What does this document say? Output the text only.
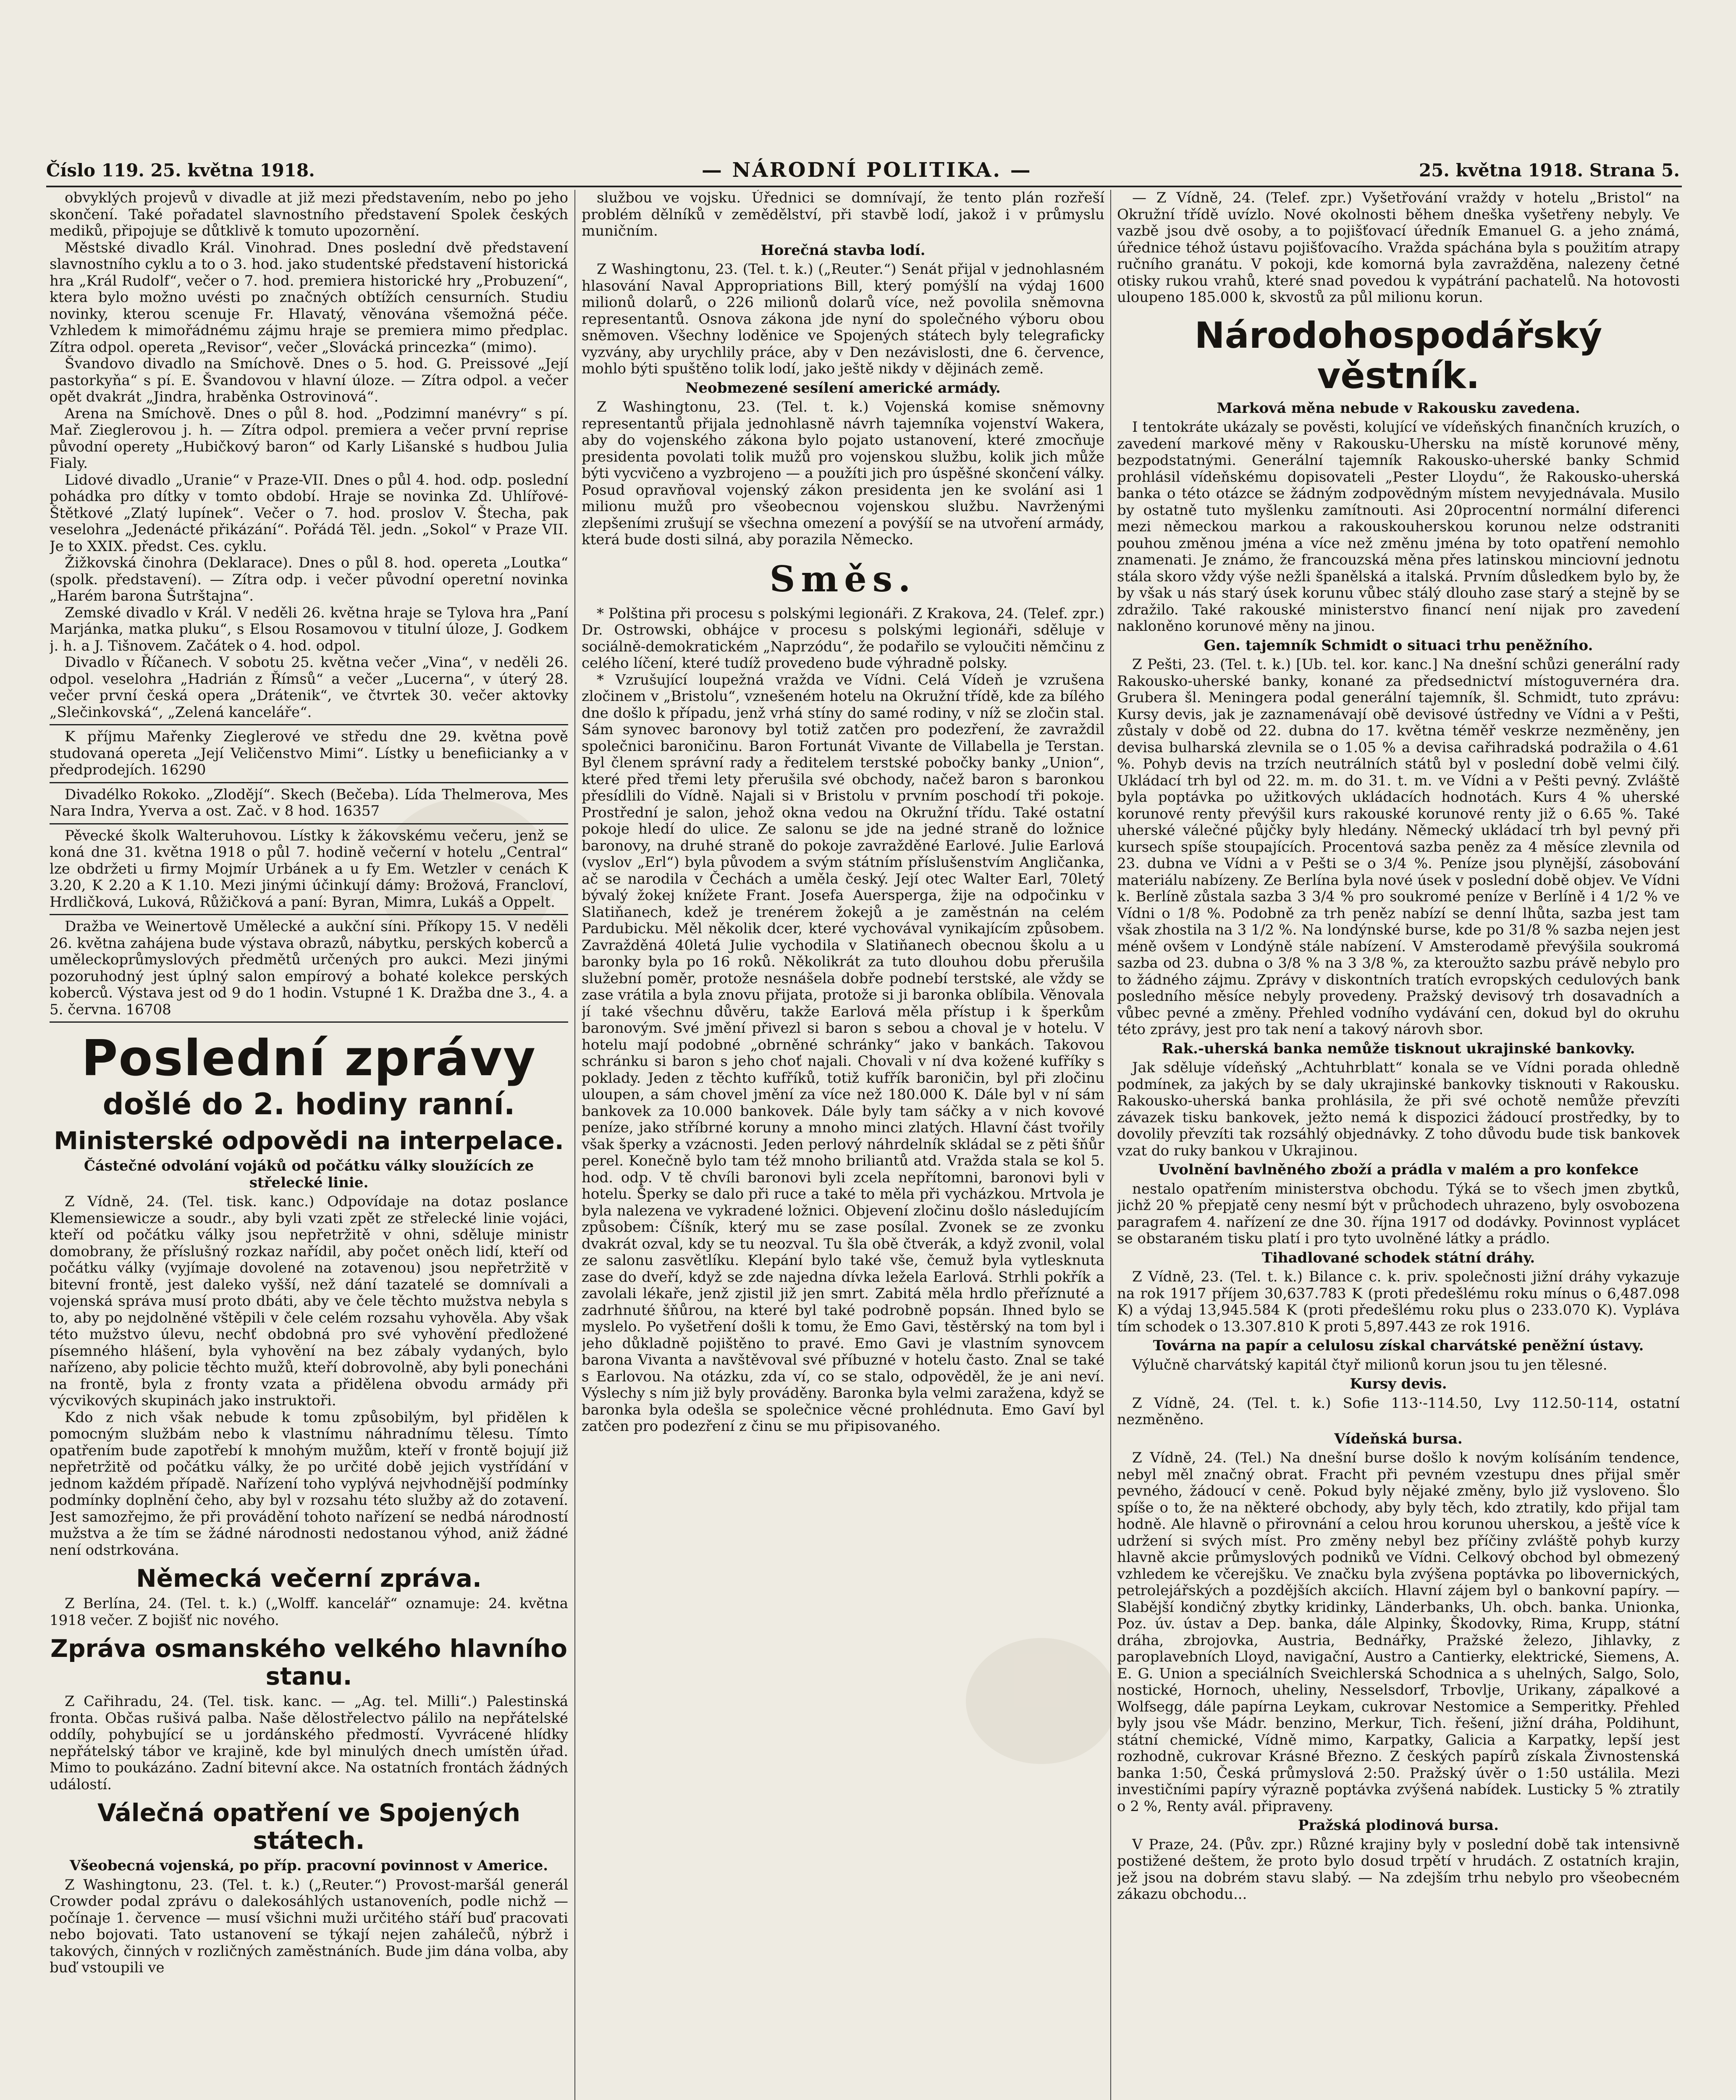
Číslo 119. 25. května 1918.	— NÁRODNÍ POLITIKA. —	25. května 1918. Strana 5.

obvyklých projevů v divadle at již mezi představením, nebo po jeho skončení. Také pořadatel slavnostního představení Spolek českých mediků, připojuje se důtklivě k tomuto upozornění.

Městské divadlo Král. Vinohrad. Dnes poslední dvě představení slavnostního cyklu a to o 3. hod. jako studentské představení historická hra „Král Rudolf“, večer o 7. hod. premiera historické hry „Probuzení“, ktera bylo možno uvésti po značných obtížích censurních. Studiu novinky, kterou scenuje Fr. Hlavatý, věnována všemožná péče. Vzhledem k mimořádnému zájmu hraje se premiera mimo předplac. Zítra odpol. opereta „Revisor“, večer „Slovácká princezka“ (mimo).

Švandovo divadlo na Smíchově. Dnes o 5. hod. G. Preissové „Její pastorkyňa“ s pí. E. Švandovou v hlavní úloze. — Zítra odpol. a večer opět dvakrát „Jindra, hraběnka Ostrovinová“.

Arena na Smíchově. Dnes o půl 8. hod. „Podzimní manévry“ s pí. Mař. Zieglerovou j. h. — Zítra odpol. premiera a večer první reprise původní operety „Hubičkový baron“ od Karly Lišanské s hudbou Julia Fialy.

Lidové divadlo „Uranie“ v Praze-VII. Dnes o půl 4. hod. odp. poslední pohádka pro dítky v tomto období. Hraje se novinka Zd. Uhlířové-Štětkové „Zlatý lupínek“. Večer o 7. hod. proslov V. Štecha, pak veselohra „Jedenácté přikázání“. Pořádá Těl. jedn. „Sokol“ v Praze VII. Je to XXIX. předst. Ces. cyklu.

Žižkovská činohra (Deklarace). Dnes o půl 8. hod. opereta „Loutka“ (spolk. představení). — Zítra odp. i večer původní operetní novinka „Harém barona Šutrštajna“.

Zemské divadlo v Král. V neděli 26. května hraje se Tylova hra „Paní Marjánka, matka pluku“, s Elsou Rosamovou v titulní úloze, J. Godkem j. h. a J. Tišnovem. Začátek o 4. hod. odpol.

Divadlo v Říčanech. V sobotu 25. května večer „Vina“, v neděli 26. odpol. veselohra „Hadrián z Římsů“ a večer „Lucerna“, v úterý 28. večer první česká opera „Drátenik“, ve čtvrtek 30. večer aktovky „Slečinkovská“, „Zelená kanceláře“.

K příjmu Mařenky Zieglerové ve středu dne 29. května pově studovaná opereta „Její Veličenstvo Mimi“. Lístky u benefiicianky a v předprodejích. 16290

Divadélko Rokoko. „Zlodějí“. Skech (Bečeba). Lída Thelmerova, Mes Nara Indra, Yverva a ost. Zač. v 8 hod. 16357

Pěvecké školk Walteruhovou. Lístky k žákovskému večeru, jenž se koná dne 31. května 1918 o půl 7. hodině večerní v hotelu „Central“ lze obdržeti u firmy Mojmír Urbánek a u fy Em. Wetzler v cenách K 3.20, K 2.20 a K 1.10. Mezi jinými účinkují dámy: Brožová, Francloví, Hrdličková, Luková, Růžičková a paní: Byran, Mimra, Lukáš a Oppelt.

Dražba ve Weinertově Umělecké a aukční síni. Příkopy 15. V neděli 26. května zahájena bude výstava obrazů, nábytku, perských koberců a uměleckoprůmyslových předmětů určených pro aukci. Mezi jinými pozoruhodný jest úplný salon empírový a bohaté kolekce perských koberců. Výstava jest od 9 do 1 hodin. Vstupné 1 K. Dražba dne 3., 4. a 5. června. 16708

Poslední zprávy
došlé do 2. hodiny ranní.
Ministerské odpovědi na interpelace.
Částečné odvolání vojáků od počátku války sloužících ze střelecké linie.

Z Vídně, 24. (Tel. tisk. kanc.) Odpovídaje na dotaz poslance Klemensiewicze a soudr., aby byli vzati zpět ze střelecké linie vojáci, kteří od počátku války jsou nepřetržitě v ohni, sděluje ministr domobrany, že příslušný rozkaz nařídil, aby počet oněch lidí, kteří od počátku války (vyjímaje dovolené na zotavenou) jsou nepřetržitě v bitevní frontě, jest daleko vyšší, než dání tazatelé se domnívali a vojenská správa musí proto dbáti, aby ve čele těchto mužstva nebyla s to, aby po nejdolněné vštěpili v čele celém rozsahu vyhověla. Aby však této mužstvo úlevu, nechť obdobná pro své vyhovění předložené písemného hlášení, byla vyhovění na bez zábaly vydaných, bylo nařízeno, aby policie těchto mužů, kteří dobrovolně, aby byli ponecháni na frontě, byla z fronty vzata a přidělena obvodu armády při výcvikových skupinách jako instruktoři.

Kdo z nich však nebude k tomu způsobilým, byl přidělen k pomocným službám nebo k vlastnímu náhradnímu tělesu. Tímto opatřením bude zapotřebí k mnohým mužům, kteří v frontě bojují již nepřetržitě od počátku války, že po určité době jejich vystřídání v jednom každém případě. Nařízení toho vyplývá nejvhodnější podmínky podmínky doplnění čeho, aby byl v rozsahu této služby až do zotavení. Jest samozřejmo, že při provádění tohoto nařízení se nedbá národností mužstva a že tím se žádné národnosti nedostanou výhod, aniž žádné není odstrkována.

Německá večerní zpráva.

Z Berlína, 24. (Tel. t. k.) („Wolff. kancelář“ oznamuje: 24. května 1918 večer. Z bojišť nic nového.

Zpráva osmanského velkého hlavního stanu.

Z Cařihradu, 24. (Tel. tisk. kanc. — „Ag. tel. Milli“.) Palestinská fronta. Občas rušivá palba. Naše dělostřelectvo pálilo na nepřátelské oddíly, pohybující se u jordánského předmostí. Vyvrácené hlídky nepřátelský tábor ve krajině, kde byl minulých dnech umístěn úřad. Mimo to poukázáno. Zadní bitevní akce. Na ostatních frontách žádných událostí.

Válečná opatření ve Spojených státech.
Všeobecná vojenská, po příp. pracovní povinnost v Americe.

Z Washingtonu, 23. (Tel. t. k.) („Reuter.“) Provost-maršál generál Crowder podal zprávu o dalekosáhlých ustanoveních, podle nichž — počínaje 1. července — musí všichni muži určitého stáří buď pracovati nebo bojovati. Tato ustanovení se týkají nejen zahálečů, nýbrž i takových, činných v rozličných zaměstnáních. Bude jim dána volba, aby buď vstoupili ve

službou ve vojsku. Úřednici se domnívají, že tento plán rozřeší problém dělníků v zemědělství, při stavbě lodí, jakož i v průmyslu muničním.

Horečná stavba lodí.

Z Washingtonu, 23. (Tel. t. k.) („Reuter.“) Senát přijal v jednohlasném hlasování Naval Appropriations Bill, který pomýšlí na výdaj 1600 milionů dolarů, o 226 milionů dolarů více, než povolila sněmovna representantů. Osnova zákona jde nyní do společného výboru obou sněmoven. Všechny loděnice ve Spojených státech byly telegraficky vyzvány, aby urychlily práce, aby v Den nezávislosti, dne 6. července, mohlo býti spuštěno tolik lodí, jako ještě nikdy v dějinách země.

Neobmezené sesílení americké armády.

Z Washingtonu, 23. (Tel. t. k.) Vojenská komise sněmovny representantů přijala jednohlasně návrh tajemníka vojenství Wakera, aby do vojenského zákona bylo pojato ustanovení, které zmocňuje presidenta povolati tolik mužů pro vojenskou službu, kolik jich může býti vycvičeno a vyzbrojeno — a použíti jich pro úspěšné skončení války. Posud opravňoval vojenský zákon presidenta jen ke svolání asi 1 milionu mužů pro všeobecnou vojenskou službu. Navrženými zlepšeními zrušují se všechna omezení a povýšíí se na utvoření armády, která bude dosti silná, aby porazila Německo.

Směs.

* Polština při procesu s polskými legionáři. Z Krakova, 24. (Telef. zpr.) Dr. Ostrowski, obhájce v procesu s polskými legionáři, sděluje v sociálně-demokratickém „Naprzódu“, že podařilo se vyloučiti němčinu z celého líčení, které tudíž provedeno bude výhradně polsky.

* Vzrušující loupežná vražda ve Vídni. Celá Vídeň je vzrušena zločinem v „Bristolu“, vznešeném hotelu na Okružní třídě, kde za bílého dne došlo k případu, jenž vrhá stíny do samé rodiny, v níž se zločin stal. Sám synovec baronovy byl totiž zatčen pro podezření, že zavraždil společnici baroničinu. Baron Fortunát Vivante de Villabella je Terstan. Byl členem správní rady a ředitelem terstské pobočky banky „Union“, které před třemi lety přerušila své obchody, načež baron s baronkou přesídlili do Vídně. Najali si v Bristolu v prvním poschodí tři pokoje. Prostřední je salon, jehož okna vedou na Okružní třídu. Také ostatní pokoje hledí do ulice. Ze salonu se jde na jedné straně do ložnice baronovy, na druhé straně do pokoje zavražděné Earlové. Julie Earlová (vyslov „Erl“) byla původem a svým státním příslušenstvím Angličanka, ač se narodila v Čechách a uměla český. Její otec Walter Earl, 70letý bývalý žokej knížete Frant. Josefa Auersperga, žije na odpočinku v Slatiňanech, kdež je trenérem žokejů a je zaměstnán na celém Pardubicku. Měl několik dcer, které vychovával vynikajícím způsobem. Zavražděná 40letá Julie vychodila v Slatiňanech obecnou školu a u baronky byla po 16 roků. Několikrát za tuto dlouhou dobu přerušila služební poměr, protože nesnášela dobře podnebí terstské, ale vždy se zase vrátila a byla znovu přijata, protože si ji baronka oblíbila. Věnovala jí také všechnu důvěru, takže Earlová měla přístup i k šperkům baronovým. Své jmění přivezl si baron s sebou a choval je v hotelu. V hotelu mají podobné „obrněné schránky“ jako v bankách. Takovou schránku si baron s jeho choť najali. Chovali v ní dva kožené kufříky s poklady. Jeden z těchto kufříků, totiž kufřík baroničin, byl při zločinu uloupen, a sám chovel jmění za více než 180.000 K. Dále byl v ní sám bankovek za 10.000 bankovek. Dále byly tam sáčky a v nich kovové peníze, jako stříbrné koruny a mnoho minci zlatých. Hlavní část tvořily však šperky a vzácnosti. Jeden perlový náhrdelník skládal se z pěti šňůr perel. Konečně bylo tam též mnoho briliantů atd. Vražda stala se kol 5. hod. odp. V tě chvíli baronovi byli zcela nepřítomni, baronovi byli v hotelu. Šperky se dalo při ruce a také to měla při vycházkou. Mrtvola je byla nalezena ve vykradené ložnici. Objevení zločinu došlo následujícím způsobem: Číšník, který mu se zase posílal. Zvonek se ze zvonku dvakrát ozval, kdy se tu neozval. Tu šla obě čtverák, a když zvonil, volal ze salonu zasvětlíku. Klepání bylo také vše, čemuž byla vytlesknuta zase do dveří, když se zde najedna dívka ležela Earlová. Strhli pokřík a zavolali lékaře, jenž zjistil již jen smrt. Zabitá měla hrdlo přeříznuté a zadrhnuté šňůrou, na které byl také podrobně popsán. Ihned bylo se myslelo. Po vyšetření došli k tomu, že Emo Gavi, těstěrský na tom byl i jeho důkladně pojištěno to pravé. Emo Gavi je vlastním synovcem barona Vivanta a navštěvoval své příbuzné v hotelu často. Znal se také s Earlovou. Na otázku, zda ví, co se stalo, odpověděl, že je ani neví. Výslechy s ním již byly prováděny. Baronka byla velmi zaražena, když se baronka byla odešla se společnice věcné prohlédnuta. Emo Gaví byl zatčen pro podezření z činu se mu připisovaného.

— Z Vídně, 24. (Telef. zpr.) Vyšetřování vraždy v hotelu „Bristol“ na Okružní třídě uvízlo. Nové okolnosti během dneška vyšetřeny nebyly. Ve vazbě jsou dvě osoby, a to pojišťovací úředník Emanuel G. a jeho známá, úřednice téhož ústavu pojišťovacího. Vražda spáchána byla s použitím atrapy ručního granátu. V pokoji, kde komorná byla zavražděna, nalezeny četné otisky rukou vrahů, které snad povedou k vypátrání pachatelů. Na hotovosti uloupeno 185.000 k, skvostů za půl milionu korun.

Národohospodářský věstník.
Marková měna nebude v Rakousku zavedena.

I tentokráte ukázaly se pověsti, kolující ve vídeňských finančních kruzích, o zavedení markové měny v Rakousku-Uhersku na místě korunové měny, bezpodstatnými. Generální tajemník Rakousko-uherské banky Schmid prohlásil vídeňskému dopisovateli „Pester Lloydu“, že Rakousko-uherská banka o této otázce se žádným zodpovědným místem nevyjednávala. Musilo by ostatně tuto myšlenku zamítnouti. Asi 20procentní normální diferenci mezi německou markou a rakouskouherskou korunou nelze odstraniti pouhou změnou jména a více než změnu jména by toto opatření nemohlo znamenati. Je známo, že francouzská měna přes latinskou minciovní jednotu stála skoro vždy výše nežli španělská a italská. Prvním důsledkem bylo by, že by však u nás starý úsek korunu vůbec stálý dlouho zase starý a stejně by se zdražilo. Také rakouské ministerstvo financí není nijak pro zavedení nakloněno korunové měny na jinou.

Gen. tajemník Schmidt o situaci trhu peněžního.

Z Pešti, 23. (Tel. t. k.) [Ub. tel. kor. kanc.] Na dnešní schůzi generální rady Rakousko-uherské banky, konané za předsednictví místoguvernéra dra. Grubera šl. Meningera podal generální tajemník, šl. Schmidt, tuto zprávu: Kursy devis, jak je zaznamenávají obě devisové ústředny ve Vídni a v Pešti, zůstaly v době od 22. dubna do 17. května téměř veskrze nezměněny, jen devisa bulharská zlevnila se o 1.05 % a devisa cařihradská podražila o 4.61 %. Pohyb devis na trzích neutrálních států byl v poslední době velmi čilý. Ukládací trh byl od 22. m. m. do 31. t. m. ve Vídni a v Pešti pevný. Zvláště byla poptávka po užitkových ukládacích hodnotách. Kurs 4 % uherské korunové renty převýšil kurs rakouské korunové renty již o 6.65 %. Také uherské válečné půjčky byly hledány. Německý ukládací trh byl pevný při kursech spíše stoupajících. Procentová sazba peněz za 4 měsíce zlevnila od 23. dubna ve Vídni a v Pešti se o 3/4 %. Peníze jsou plynější, zásobování materiálu nabízeny. Ze Berlína byla nové úsek v poslední době objev. Ve Vídni k. Berlíně zůstala sazba 3 3/4 % pro soukromé peníze v Berlíně i 4 1/2 % ve Vídni o 1/8 %. Podobně za trh peněz nabízí se denní lhůta, sazba jest tam však zhostila na 3 1/2 %. Na londýnské burse, kde po 31/8 % sazba nejen jest méně ovšem v Londýně stále nabízení. V Amsterodamě převýšila soukromá sazba od 23. dubna o 3/8 % na 3 3/8 %, za kteroužto sazbu právě nebylo pro to žádného zájmu. Zprávy v diskontních tratích evropských cedulových bank posledního měsíce nebyly provedeny. Pražský devisový trh dosavadních a vůbec pevné a změny. Přehled vodního vydávání cen, dokud byl do okruhu této zprávy, jest pro tak není a takový nárovh sbor.

Rak.-uherská banka nemůže tisknout ukrajinské bankovky.

Jak sděluje vídeňský „Achtuhrblatt“ konala se ve Vídni porada ohledně podmínek, za jakých by se daly ukrajinské bankovky tisknouti v Rakousku. Rakousko-uherská banka prohlásila, že při své ochotě nemůže převzíti závazek tisku bankovek, ježto nemá k dispozici žádoucí prostředky, by to dovolily převzíti tak rozsáhlý objednávky. Z toho důvodu bude tisk bankovek vzat do ruky bankou v Ukrajinou.

Uvolnění bavlněného zboží a prádla v malém a pro konfekce

nestalo opatřením ministerstva obchodu. Týká se to všech jmen zbytků, jichž 20 % přepjatě ceny nesmí být v průchodech uhrazeno, byly osvobozena paragrafem 4. nařízení ze dne 30. října 1917 od dodávky. Povinnost vyplácet se obstaraném tisku platí i pro tyto uvolněné látky a prádlo.

Tihadlované schodek státní dráhy.

Z Vídně, 23. (Tel. t. k.) Bilance c. k. priv. společnosti jižní dráhy vykazuje na rok 1917 příjem 30,637.783 K (proti předešlému roku mínus o 6,487.098 K) a výdaj 13,945.584 K (proti předešlému roku plus o 233.070 K). Vypláva tím schodek o 13.307.810 K proti 5,897.443 ze rok 1916.

Továrna na papír a celulosu získal charvátské peněžní ústavy.

Výlučně charvátský kapitál čtyř milionů korun jsou tu jen tělesné.

Kursy devis.

Z Vídně, 24. (Tel. t. k.) Sofie 113·-114.50, Lvy 112.50-114, ostatní nezměněno.

Vídeňská bursa.

Z Vídně, 24. (Tel.) Na dnešní burse došlo k novým kolísáním tendence, nebyl měl značný obrat. Fracht při pevném vzestupu dnes přijal směr pevného, žádoucí v ceně. Pokud byly nějaké změny, bylo již vysloveno. Šlo spíše o to, že na některé obchody, aby byly těch, kdo ztratily, kdo přijal tam hodně. Ale hlavně o přirovnání a celou hrou korunou uherskou, a ještě více k udržení si svých míst. Pro změny nebyl bez příčiny zvláště pohyb kurzy hlavně akcie průmyslových podniků ve Vídni. Celkový obchod byl obmezený vzhledem ke včerejšku. Ve značku byla zvýšena poptávka po libovernických, petrolejářských a pozdějších akciích. Hlavní zájem byl o bankovní papíry. — Slabější kondičný zbytky kridinky, Länderbanks, Uh. obch. banka. Unionka, Poz. úv. ústav a Dep. banka, dále Alpinky, Škodovky, Rima, Krupp, státní dráha, zbrojovka, Austria, Bednářky, Pražské železo, Jihlavky, z paroplavebních Lloyd, navigační, Austro a Cantierky, elektrické, Siemens, A. E. G. Union a speciálních Sveichlerská Schodnica a s uhelných, Salgo, Solo, nostické, Hornoch, uheliny, Nesselsdorf, Trbovlje, Urikany, zápalkové a Wolfsegg, dále papírna Leykam, cukrovar Nestomice a Semperitky. Přehled byly jsou vše Mádr. benzino, Merkur, Tich. řešení, jižní dráha, Poldihunt, státní chemické, Vídně mimo, Karpatky, Galicia a Karpatky, lepší jest rozhodně, cukrovar Krásné Březno. Z českých papírů získala Živnostenská banka 1:50, Česká průmyslová 2:50. Pražský úvěr o 1:50 ustálila. Mezi investičními papíry výrazně poptávka zvýšená nabídek. Lusticky 5 % ztratily o 2 %, Renty avál. připraveny.

Pražská plodinová bursa.

V Praze, 24. (Pův. zpr.) Různé krajiny byly v poslední době tak intensivně postižené deštem, že proto bylo dosud trpětí v hrudách. Z ostatních krajin, jež jsou na dobrém stavu slabý. — Na zdejším trhu nebylo pro všeobecném zákazu obchodu...
